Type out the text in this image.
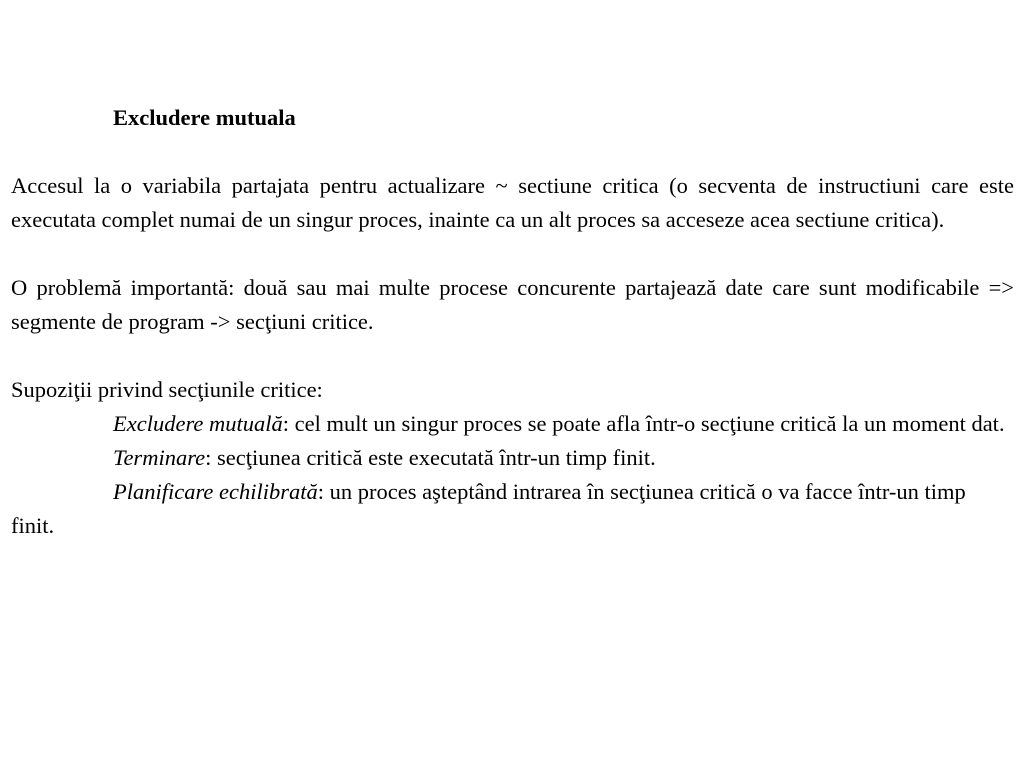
Excludere mutuala

Accesul la o variabila partajata pentru actualizare ~ sectiune critica (o secventa de instructiuni care este executata complet numai de un singur proces, inainte ca un alt proces sa acceseze acea sectiune critica).

O problemă importantă: două sau mai multe procese concurente partajează date care sunt modificabile => segmente de program -> secţiuni critice.

Supoziţii privind secţiunile critice:
Excludere mutuală: cel mult un singur proces se poate afla într-o secţiune critică la un moment dat.
Terminare: secţiunea critică este executată într-un timp finit.
Planificare echilibrată: un proces aşteptând intrarea în secţiunea critică o va facce într-un timp finit.
